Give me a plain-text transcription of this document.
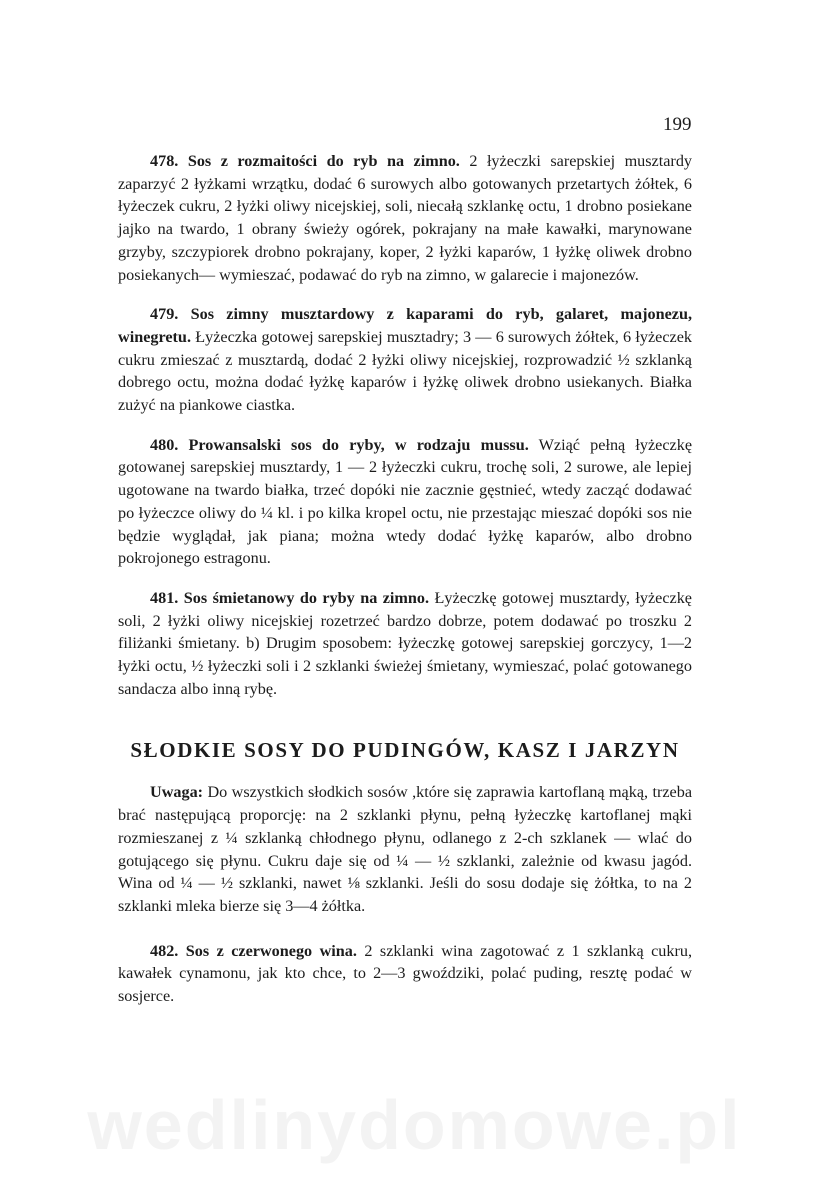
199

478. Sos z rozmaitości do ryb na zimno. 2 łyżeczki sarepskiej musztardy zaparzyć 2 łyżkami wrzątku, dodać 6 surowych albo gotowanych przetartych żółtek, 6 łyżeczek cukru, 2 łyżki oliwy nicejskiej, soli, niecałą szklankę octu, 1 drobno posiekane jajko na twardo, 1 obrany świeży ogórek, pokrajany na małe kawałki, marynowane grzyby, szczypiorek drobno pokrajany, koper, 2 łyżki kaparów, 1 łyżkę oliwek drobno posiekanych— wymieszać, podawać do ryb na zimno, w galarecie i majonezów.

479. Sos zimny musztardowy z kaparami do ryb, galaret, majonezu, winegretu. Łyżeczka gotowej sarepskiej musztadry; 3 — 6 surowych żółtek, 6 łyżeczek cukru zmieszać z musztardą, dodać 2 łyżki oliwy nicejskiej, rozprowadzić ½ szklanką dobrego octu, można dodać łyżkę kaparów i łyżkę oliwek drobno usiekanych. Białka zużyć na piankowe ciastka.

480. Prowansalski sos do ryby, w rodzaju mussu. Wziąć pełną łyżeczkę gotowanej sarepskiej musztardy, 1 — 2 łyżeczki cukru, trochę soli, 2 surowe, ale lepiej ugotowane na twardo białka, trzeć dopóki nie zacznie gęstnieć, wtedy zacząć dodawać po łyżeczce oliwy do ¼ kl. i po kilka kropel octu, nie przestając mieszać dopóki sos nie będzie wyglądał, jak piana; można wtedy dodać łyżkę kaparów, albo drobno pokrojonego estragonu.

481. Sos śmietanowy do ryby na zimno. Łyżeczkę gotowej musztardy, łyżeczkę soli, 2 łyżki oliwy nicejskiej rozetrzeć bardzo dobrze, potem dodawać po troszku 2 filiżanki śmietany. b) Drugim sposobem: łyżeczkę gotowej sarepskiej gorczycy, 1—2 łyżki octu, ½ łyżeczki soli i 2 szklanki świeżej śmietany, wymieszać, polać gotowanego sandacza albo inną rybę.

SŁODKIE SOSY DO PUDINGÓW, KASZ I JARZYN

Uwaga: Do wszystkich słodkich sosów ,które się zaprawia kartoflaną mąką, trzeba brać następującą proporcję: na 2 szklanki płynu, pełną łyżeczkę kartoflanej mąki rozmieszanej z ¼ szklanką chłodnego płynu, odlanego z 2-ch szklanek — wlać do gotującego się płynu. Cukru daje się od ¼ — ½ szklanki, zależnie od kwasu jagód. Wina od ¼ — ½ szklanki, nawet ⅛ szklanki. Jeśli do sosu dodaje się żółtka, to na 2 szklanki mleka bierze się 3—4 żółtka.

482. Sos z czerwonego wina. 2 szklanki wina zagotować z 1 szklanką cukru, kawałek cynamonu, jak kto chce, to 2—3 gwoździki, polać puding, resztę podać w sosjerce.

wedlinydomowe.pl
